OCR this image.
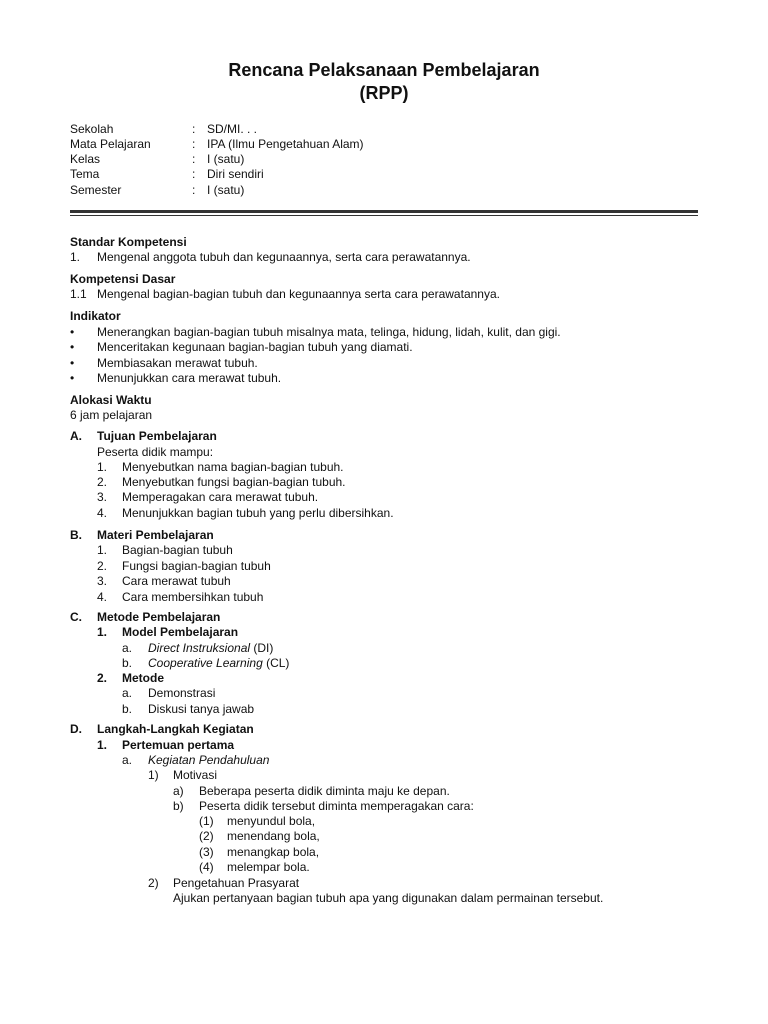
Rencana Pelaksanaan Pembelajaran
(RPP)
Sekolah	: SD/MI. . .
Mata Pelajaran	: IPA (Ilmu Pengetahuan Alam)
Kelas	: I (satu)
Tema	: Diri sendiri
Semester	: I (satu)
Standar Kompetensi
1. Mengenal anggota tubuh dan kegunaannya, serta cara perawatannya.
Kompetensi Dasar
1.1 Mengenal bagian-bagian tubuh dan kegunaannya serta cara perawatannya.
Indikator
• Menerangkan bagian-bagian tubuh misalnya mata, telinga, hidung, lidah, kulit, dan gigi.
• Menceritakan kegunaan bagian-bagian tubuh yang diamati.
• Membiasakan merawat tubuh.
• Menunjukkan cara merawat tubuh.
Alokasi Waktu
6 jam pelajaran
A. Tujuan Pembelajaran
Peserta didik mampu:
1. Menyebutkan nama bagian-bagian tubuh.
2. Menyebutkan fungsi bagian-bagian tubuh.
3. Memperagakan cara merawat tubuh.
4. Menunjukkan bagian tubuh yang perlu dibersihkan.
B. Materi Pembelajaran
1. Bagian-bagian tubuh
2. Fungsi bagian-bagian tubuh
3. Cara merawat tubuh
4. Cara membersihkan tubuh
C. Metode Pembelajaran
1. Model Pembelajaran
a. Direct Instruksional (DI)
b. Cooperative Learning (CL)
2. Metode
a. Demonstrasi
b. Diskusi tanya jawab
D. Langkah-Langkah Kegiatan
1. Pertemuan pertama
a. Kegiatan Pendahuluan
1) Motivasi
a) Beberapa peserta didik diminta maju ke depan.
b) Peserta didik tersebut diminta memperagakan cara:
(1) menyundul bola,
(2) menendang bola,
(3) menangkap bola,
(4) melempar bola.
2) Pengetahuan Prasyarat
Ajukan pertanyaan bagian tubuh apa yang digunakan dalam permainan tersebut.
